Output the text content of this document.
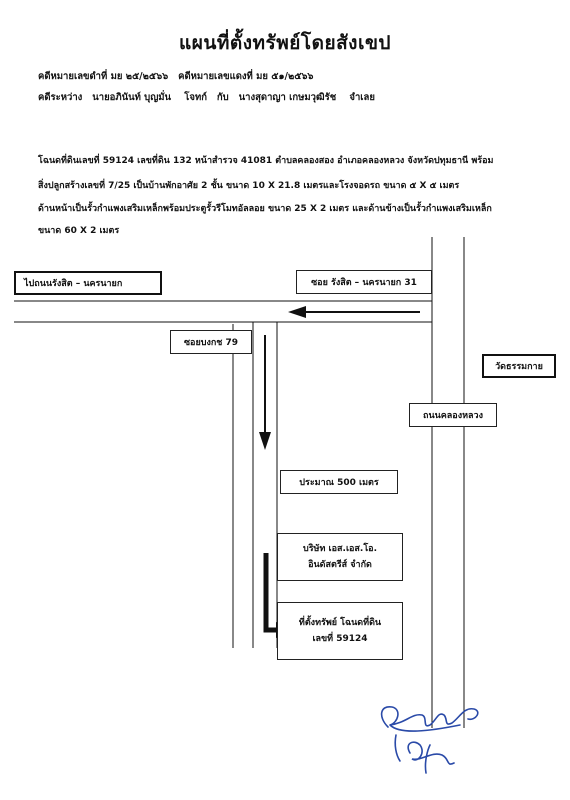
แผนที่ตั้งทรัพย์โดยสังเขป
คดีหมายเลขดำที่ มย ๒๕/๒๕๖๖ คดีหมายเลขแดงที่ มย ๕๑/๒๕๖๖
คดีระหว่าง นายอภินันท์ บุญมั่น โจทก์ กับ นางสุดาญา เกษมวุฒิรัช จำเลย
โฉนดที่ดินเลขที่ 59124 เลขที่ดิน 132 หน้าสำรวจ 41081 ตำบลคลองสอง อำเภอคลองหลวง จังหวัดปทุมธานี พร้อม
สิ่งปลูกสร้างเลขที่ 7/25 เป็นบ้านพักอาศัย 2 ชั้น ขนาด 10 X 21.8 เมตรและโรงจอดรถ ขนาด ๕ X ๕ เมตร
ด้านหน้าเป็นรั้วกำแพงเสริมเหล็กพร้อมประตูรั้วรีโมทอัลลอย ขนาด 25 X 2 เมตร และด้านข้างเป็นรั้วกำแพงเสริมเหล็ก
ขนาด 60 X 2 เมตร
ไปถนนรังสิต – นครนายก	ซอย รังสิต – นครนายก 31
ซอยบงกช 79
วัดธรรมกาย
ถนนคลองหลวง
ประมาณ 500 เมตร
บริษัท เอส.เอส.โอ.
อินดัสตรีส์ จำกัด
ที่ตั้งทรัพย์ โฉนดที่ดิน
เลขที่ 59124
